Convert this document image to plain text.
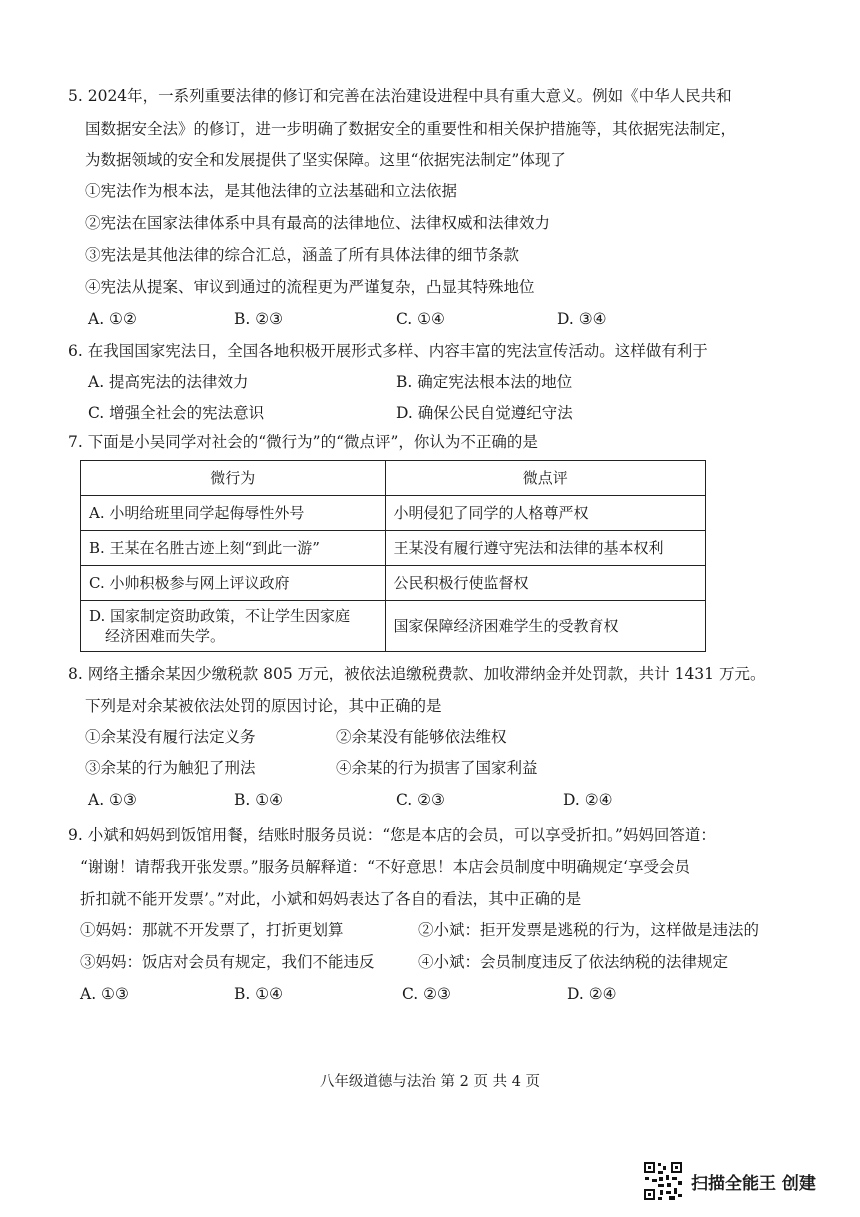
5. 2024年，一系列重要法律的修订和完善在法治建设进程中具有重大意义。例如《中华人民共和
国数据安全法》的修订，进一步明确了数据安全的重要性和相关保护措施等，其依据宪法制定，
为数据领域的安全和发展提供了坚实保障。这里“依据宪法制定”体现了
①宪法作为根本法，是其他法律的立法基础和立法依据
②宪法在国家法律体系中具有最高的法律地位、法律权威和法律效力
③宪法是其他法律的综合汇总，涵盖了所有具体法律的细节条款
④宪法从提案、审议到通过的流程更为严谨复杂，凸显其特殊地位
A. ①②	B. ②③	C. ①④	D. ③④
6. 在我国国家宪法日，全国各地积极开展形式多样、内容丰富的宪法宣传活动。这样做有利于
A. 提高宪法的法律效力	B. 确定宪法根本法的地位
C. 增强全社会的宪法意识	D. 确保公民自觉遵纪守法
7. 下面是小吴同学对社会的“微行为”的“微点评”，你认为不正确的是
微行为	微点评
A. 小明给班里同学起侮辱性外号	小明侵犯了同学的人格尊严权
B. 王某在名胜古迹上刻“到此一游”	王某没有履行遵守宪法和法律的基本权利
C. 小帅积极参与网上评议政府	公民积极行使监督权

D. 国家制定资助政策，不让学生因家庭
经济困难而失学。	国家保障经济困难学生的受教育权
8. 网络主播余某因少缴税款 805 万元，被依法追缴税费款、加收滞纳金并处罚款，共计 1431 万元。
下列是对余某被依法处罚的原因讨论，其中正确的是
①余某没有履行法定义务	②余某没有能够依法维权
③余某的行为触犯了刑法	④余某的行为损害了国家利益
A. ①③	B. ①④	C. ②③	D. ②④
9. 小斌和妈妈到饭馆用餐，结账时服务员说：“您是本店的会员，可以享受折扣。”妈妈回答道：
“谢谢！请帮我开张发票。”服务员解释道：“不好意思！本店会员制度中明确规定‘享受会员
折扣就不能开发票’。”对此，小斌和妈妈表达了各自的看法，其中正确的是
①妈妈：那就不开发票了，打折更划算	②小斌：拒开发票是逃税的行为，这样做是违法的
③妈妈：饭店对会员有规定，我们不能违反	④小斌：会员制度违反了依法纳税的法律规定
A. ①③	B. ①④	C. ②③	D. ②④
八年级道德与法治 第 2 页 共 4 页
扫描全能王 创建
